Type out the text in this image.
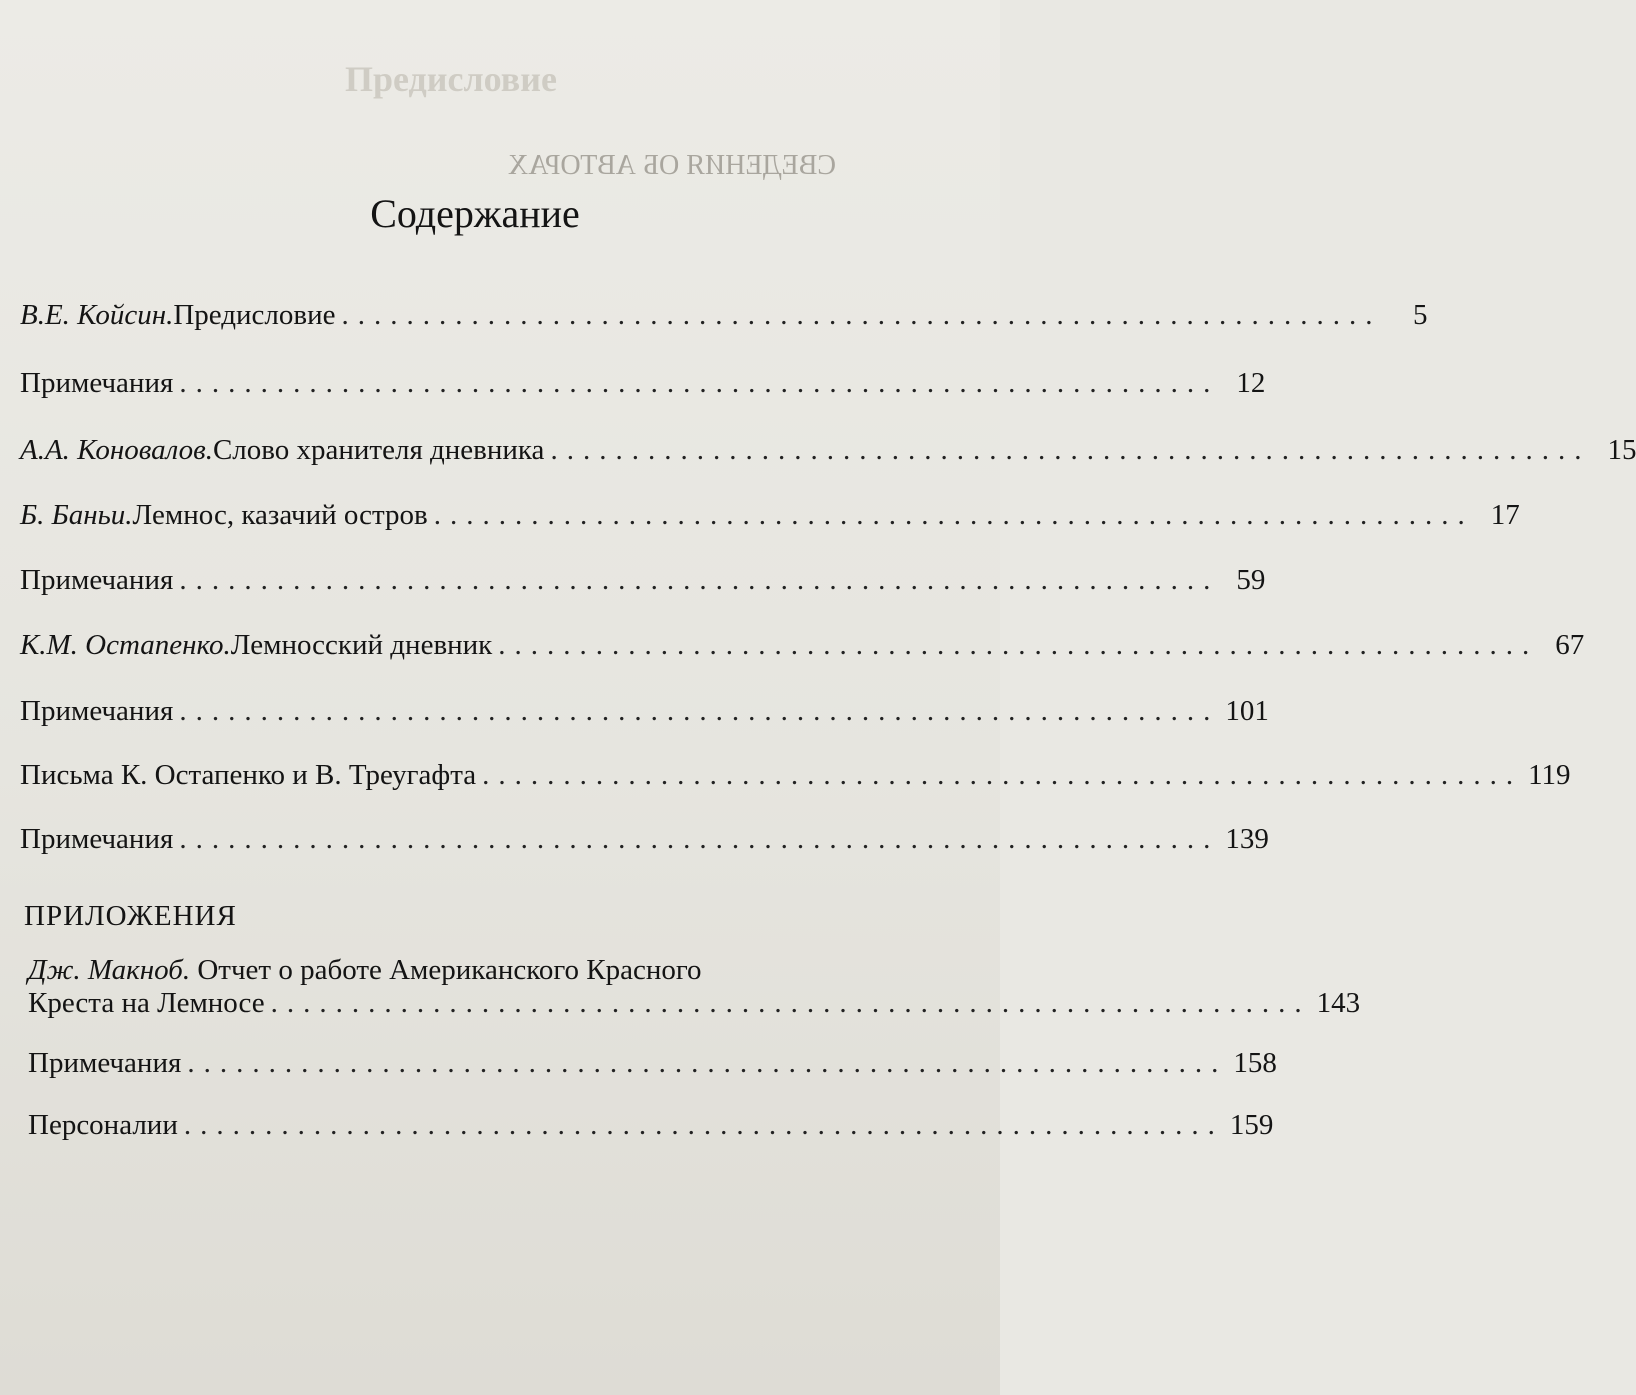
Предисловие
СВЕДЕНИЯ ОБ АВТОРАХ
Содержание
В.Е. Койсин. Предисловие ................................................................	5
Примечания ................................................................ 12
А.А. Коновалов. Слово хранителя дневника ................................................................ 15
Б. Баньи. Лемнос, казачий остров ................................................................ 17
Примечания ................................................................ 59
К.М. Остапенко. Лемносский дневник ................................................................ 67
Примечания ................................................................ 101
Письма К. Остапенко и В. Треугафта ................................................................ 119
Примечания ................................................................ 139
ПРИЛОЖЕНИЯ
Дж. Макноб. Отчет о работе Американского Красного
Креста на Лемносе ................................................................ 143
Примечания ................................................................ 158
Персоналии ................................................................ 159
